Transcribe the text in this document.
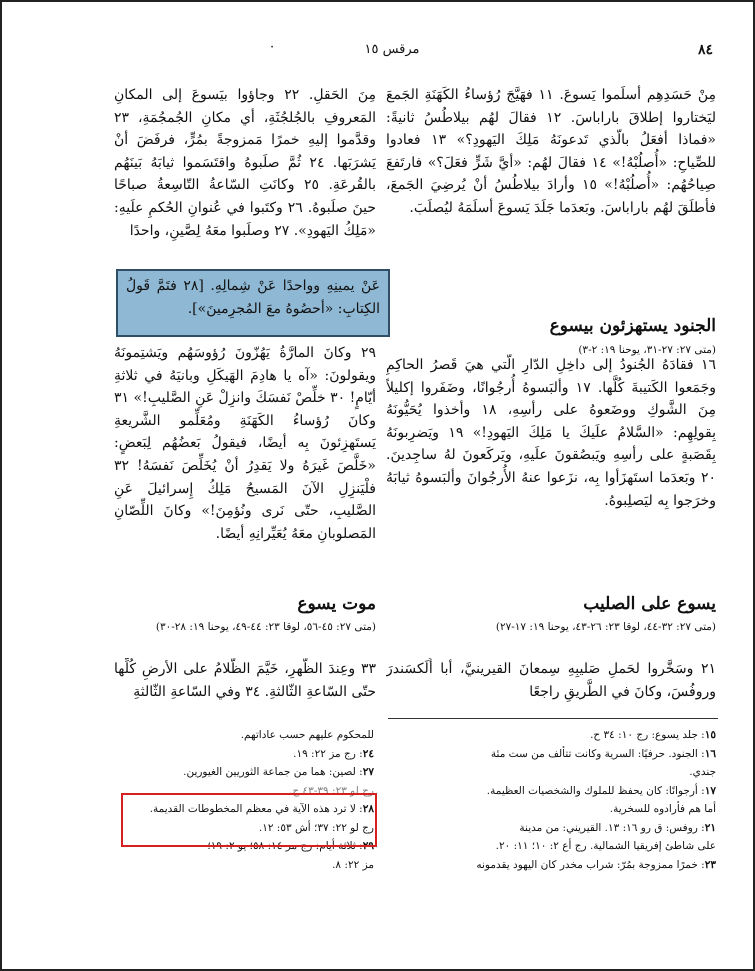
٨٤
مرقس ١٥
·

مِنْ حَسَدِهِم أسلَموا يَسوعَ. ١١ فهَيَّجَ رُؤساءُ الكَهَنَةِ الجَمعَ ليَختاروا إطلاقَ باراباسَ. ١٢ فقالَ لهُم بيلاطُسُ ثانيةً: «فماذا أفعَلُ بالّذي تَدعونَهُ مَلِكَ اليَهودِ؟» ١٣ فعادوا للصِّياحِ: «أُصلُبْهُ!» ١٤ فقالَ لهُم: «أيَّ شَرٍّ فعَلَ؟» فارتَفعَ صِياحُهُم: «أُصلُبْهُ!» ١٥ وأرادَ بيلاطُسُ أنْ يُرضِيَ الجَمعَ، فأطلَقَ لهُم باراباسَ. وبَعدَما جَلَدَ يَسوعَ أسلَمَهُ ليُصلَبَ.

الجنود يستهزئون بيسوع
(متى ٢٧: ٢٧-٣١، يوحنا ١٩: ٢-٣)

١٦ فقادَهُ الجُنودُ إلى داخِلِ الدّارِ الّتي هيَ قَصرُ الحاكِمِ وجَمَعوا الكَتيبةَ كُلَّها. ١٧ وألبَسوهُ أُرجُوانًا، وضَفَروا إكليلاً مِنَ الشَّوكِ ووضَعوهُ على رأسِهِ، ١٨ وأخذوا يُحَيُّونَهُ بِقولِهِم: «السَّلامُ علَيكَ يا مَلِكَ اليَهودِ!» ١٩ ويَضرِبونَهُ بِقَصَبةٍ على رأسِهِ ويَبصُقونَ علَيهِ، ويَركَعونَ لهُ ساجِدينَ. ٢٠ وبَعدَما استَهزَأوا بِه، نزَعوا عنهُ الأُرجُوانَ وألبَسوهُ ثيابَهُ وخرَجوا بِه ليَصلِبوهُ.

يسوع على الصليب
(متى ٢٧: ٣٢-٤٤، لوقا ٢٣: ٢٦-٤٣، يوحنا ١٩: ١٧-٢٧)

٢١ وسَخَّروا لحَملِ صَليبِهِ سِمعانَ القيرينيَّ، أبا أَلَكسَندرَ وروفُسَ، وكانَ في الطَّريقِ راجعًا

مِنَ الحَقلِ. ٢٢ وجاؤوا بيَسوعَ إلى المكانِ المَعروفِ بالجُلجُثَةِ، أي مكانِ الجُمجُمَةِ، ٢٣ وقدَّموا إليهِ خمرًا مَمزوجةً بمُرٍّ، فرفَضَ أنْ يَشرَبَها. ٢٤ ثُمَّ صلَبوهُ واقتَسَموا ثيابَهُ بَينَهُم بالقُرعَةِ. ٢٥ وكانَتِ السّاعةُ التّاسِعةُ صباحًا حينَ صلَبوهُ. ٢٦ وكتَبوا في عُنوانِ الحُكمِ علَيهِ: «مَلِكُ اليَهودِ». ٢٧ وصلَبوا معَهُ لِصَّينِ، واحدًا

عَنْ يمينِهِ وواحدًا عَنْ شِمالِهِ. [٢٨ فتَمَّ قَولُ الكِتابِ: «أحصُوهُ معَ المُجرِمينَ»].

٢٩ وكانَ المارَّةُ يَهُزّونَ رُؤوسَهُم ويَشتِمونَهُ ويقولونَ: «آه يا هادِمَ الهَيكَلِ وبانيَهُ في ثلاثةِ أيّامٍ! ٣٠ خلِّصْ نَفسَكَ وانزِلْ عَنِ الصَّليبِ!» ٣١ وكانَ رُؤساءُ الكَهَنَةِ ومُعَلِّمو الشَّريعةِ يَستَهزِئونَ بِه أيضًا، فيقولُ بَعضُهُم لِبَعضٍ: «خَلَّصَ غَيرَهُ ولا يَقدِرُ أنْ يُخَلِّصَ نَفسَهُ! ٣٢ فلْيَنزِلِ الآنَ المَسيحُ مَلِكُ إِسرائيلَ عَنِ الصَّليبِ، حتّى نَرى ونُؤمِنَ!» وكانَ اللِّصّانِ المَصلوبانِ معَهُ يُعَيِّرانِهِ أيضًا.

موت يسوع
(متى ٢٧: ٤٥-٥٦، لوقا ٢٣: ٤٤-٤٩، يوحنا ١٩: ٢٨-٣٠)

٣٣ وعِندَ الظُّهرِ، خَيَّمَ الظَّلامُ على الأرضِ كُلِّها حتّى السّاعةِ الثّالثةِ. ٣٤ وفي السّاعةِ الثّالثةِ

١٥: جلد يسوع: رج ١٠: ٣٤ ح.
١٦: الجنود. حرفيًا: السرية وكانت تتألف من ست مئة
جندي.
١٧: أرجوانًا: كان يحفظ للملوك والشخصيات العظيمة.
أما هم فأرادوه للسخرية.
٢١: روفس: ق رو ١٦: ١٣. القيريني: من مدينة
على شاطئ إفريقيا الشمالية. رج أع ٢: ١٠؛ ١١: ٢٠.
٢٣: خمرًا ممزوجة بمُرّ: شراب مخدر كان اليهود يقدمونه
للمحكوم عليهم حسب عاداتهم.
٢٤: رج مز ٢٢: ١٩.
٢٧: لصين: هما من جماعة الثوريين الغيورين.
رج لو ٢٣: ٣٩-٤٣ ح.
٢٨: لا ترد هذه الآية في معظم المخطوطات القديمة.
رج لو ٢٢: ٣٧؛ أش ٥٣: ١٢.
٢٩: ثلاثة أيام: رج مر ١٤: ٥٨؛ يو ٢: ١٩؛
مز ٢٢: ٨.
